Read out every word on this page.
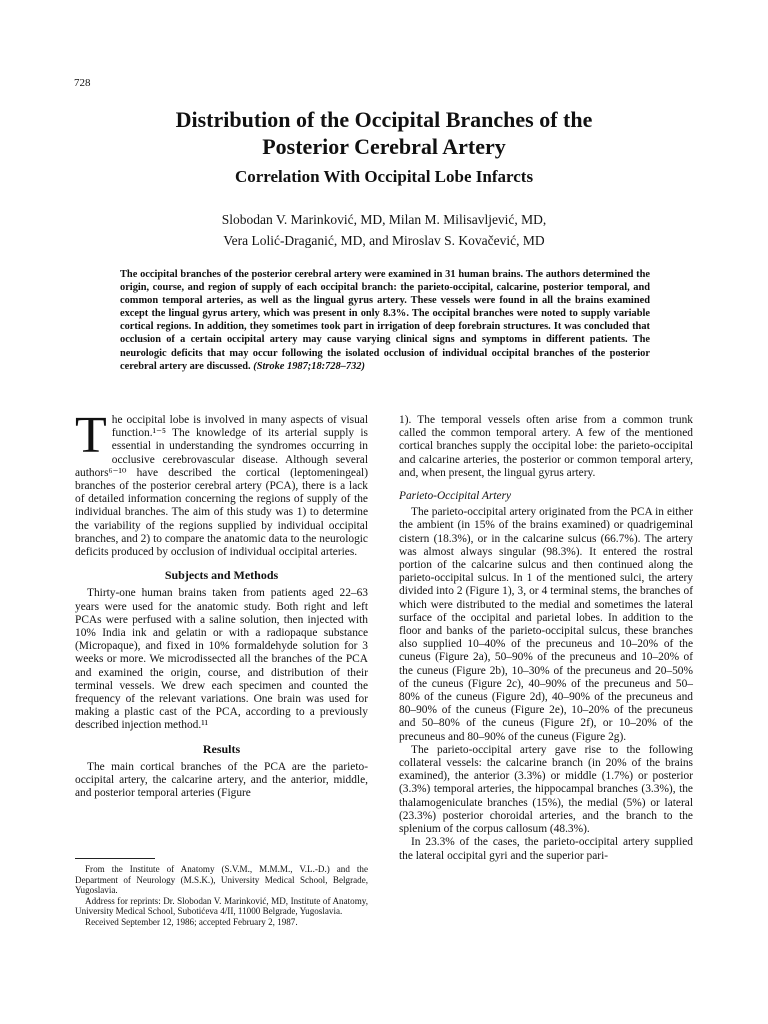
728
Distribution of the Occipital Branches of the
Posterior Cerebral Artery
Correlation With Occipital Lobe Infarcts
Slobodan V. Marinković, MD, Milan M. Milisavljević, MD,
Vera Lolić-Draganić, MD, and Miroslav S. Kovačević, MD
The occipital branches of the posterior cerebral artery were examined in 31 human brains. The authors determined the origin, course, and region of supply of each occipital branch: the parieto-occipital, calcarine, posterior temporal, and common temporal arteries, as well as the lingual gyrus artery. These vessels were found in all the brains examined except the lingual gyrus artery, which was present in only 8.3%. The occipital branches were noted to supply variable cortical regions. In addition, they sometimes took part in irrigation of deep forebrain structures. It was concluded that occlusion of a certain occipital artery may cause varying clinical signs and symptoms in different patients. The neurologic deficits that may occur following the isolated occlusion of individual occipital branches of the posterior cerebral artery are discussed. (Stroke 1987;18:728–732)

The occipital lobe is involved in many aspects of visual function.¹⁻⁵ The knowledge of its arterial supply is essential in understanding the syndromes occurring in occlusive cerebrovascular disease. Although several authors⁶⁻¹⁰ have described the cortical (leptomeningeal) branches of the posterior cerebral artery (PCA), there is a lack of detailed information concerning the regions of supply of the individual branches. The aim of this study was 1) to determine the variability of the regions supplied by individual occipital branches, and 2) to compare the anatomic data to the neurologic deficits produced by occlusion of individual occipital arteries.

Subjects and Methods

Thirty-one human brains taken from patients aged 22–63 years were used for the anatomic study. Both right and left PCAs were perfused with a saline solution, then injected with 10% India ink and gelatin or with a radiopaque substance (Micropaque), and fixed in 10% formaldehyde solution for 3 weeks or more. We microdissected all the branches of the PCA and examined the origin, course, and distribution of their terminal vessels. We drew each specimen and counted the frequency of the relevant variations. One brain was used for making a plastic cast of the PCA, according to a previously described injection method.¹¹

Results

The main cortical branches of the PCA are the parieto-occipital artery, the calcarine artery, and the anterior, middle, and posterior temporal arteries (Figure

1). The temporal vessels often arise from a common trunk called the common temporal artery. A few of the mentioned cortical branches supply the occipital lobe: the parieto-occipital and calcarine arteries, the posterior or common temporal artery, and, when present, the lingual gyrus artery.

Parieto-Occipital Artery

The parieto-occipital artery originated from the PCA in either the ambient (in 15% of the brains examined) or quadrigeminal cistern (18.3%), or in the calcarine sulcus (66.7%). The artery was almost always singular (98.3%). It entered the rostral portion of the calcarine sulcus and then continued along the parieto-occipital sulcus. In 1 of the mentioned sulci, the artery divided into 2 (Figure 1), 3, or 4 terminal stems, the branches of which were distributed to the medial and sometimes the lateral surface of the occipital and parietal lobes. In addition to the floor and banks of the parieto-occipital sulcus, these branches also supplied 10–40% of the precuneus and 10–20% of the cuneus (Figure 2a), 50–90% of the precuneus and 10–20% of the cuneus (Figure 2b), 10–30% of the precuneus and 20–50% of the cuneus (Figure 2c), 40–90% of the precuneus and 50–80% of the cuneus (Figure 2d), 40–90% of the precuneus and 80–90% of the cuneus (Figure 2e), 10–20% of the precuneus and 50–80% of the cuneus (Figure 2f), or 10–20% of the precuneus and 80–90% of the cuneus (Figure 2g).

The parieto-occipital artery gave rise to the following collateral vessels: the calcarine branch (in 20% of the brains examined), the anterior (3.3%) or middle (1.7%) or posterior (3.3%) temporal arteries, the hippocampal branches (3.3%), the thalamogeniculate branches (15%), the medial (5%) or lateral (23.3%) posterior choroidal arteries, and the branch to the splenium of the corpus callosum (48.3%).

In 23.3% of the cases, the parieto-occipital artery supplied the lateral occipital gyri and the superior pari-

From the Institute of Anatomy (S.V.M., M.M.M., V.L.-D.) and the Department of Neurology (M.S.K.), University Medical School, Belgrade, Yugoslavia.

Address for reprints: Dr. Slobodan V. Marinković, MD, Institute of Anatomy, University Medical School, Subotićeva 4/II, 11000 Belgrade, Yugoslavia.

Received September 12, 1986; accepted February 2, 1987.
